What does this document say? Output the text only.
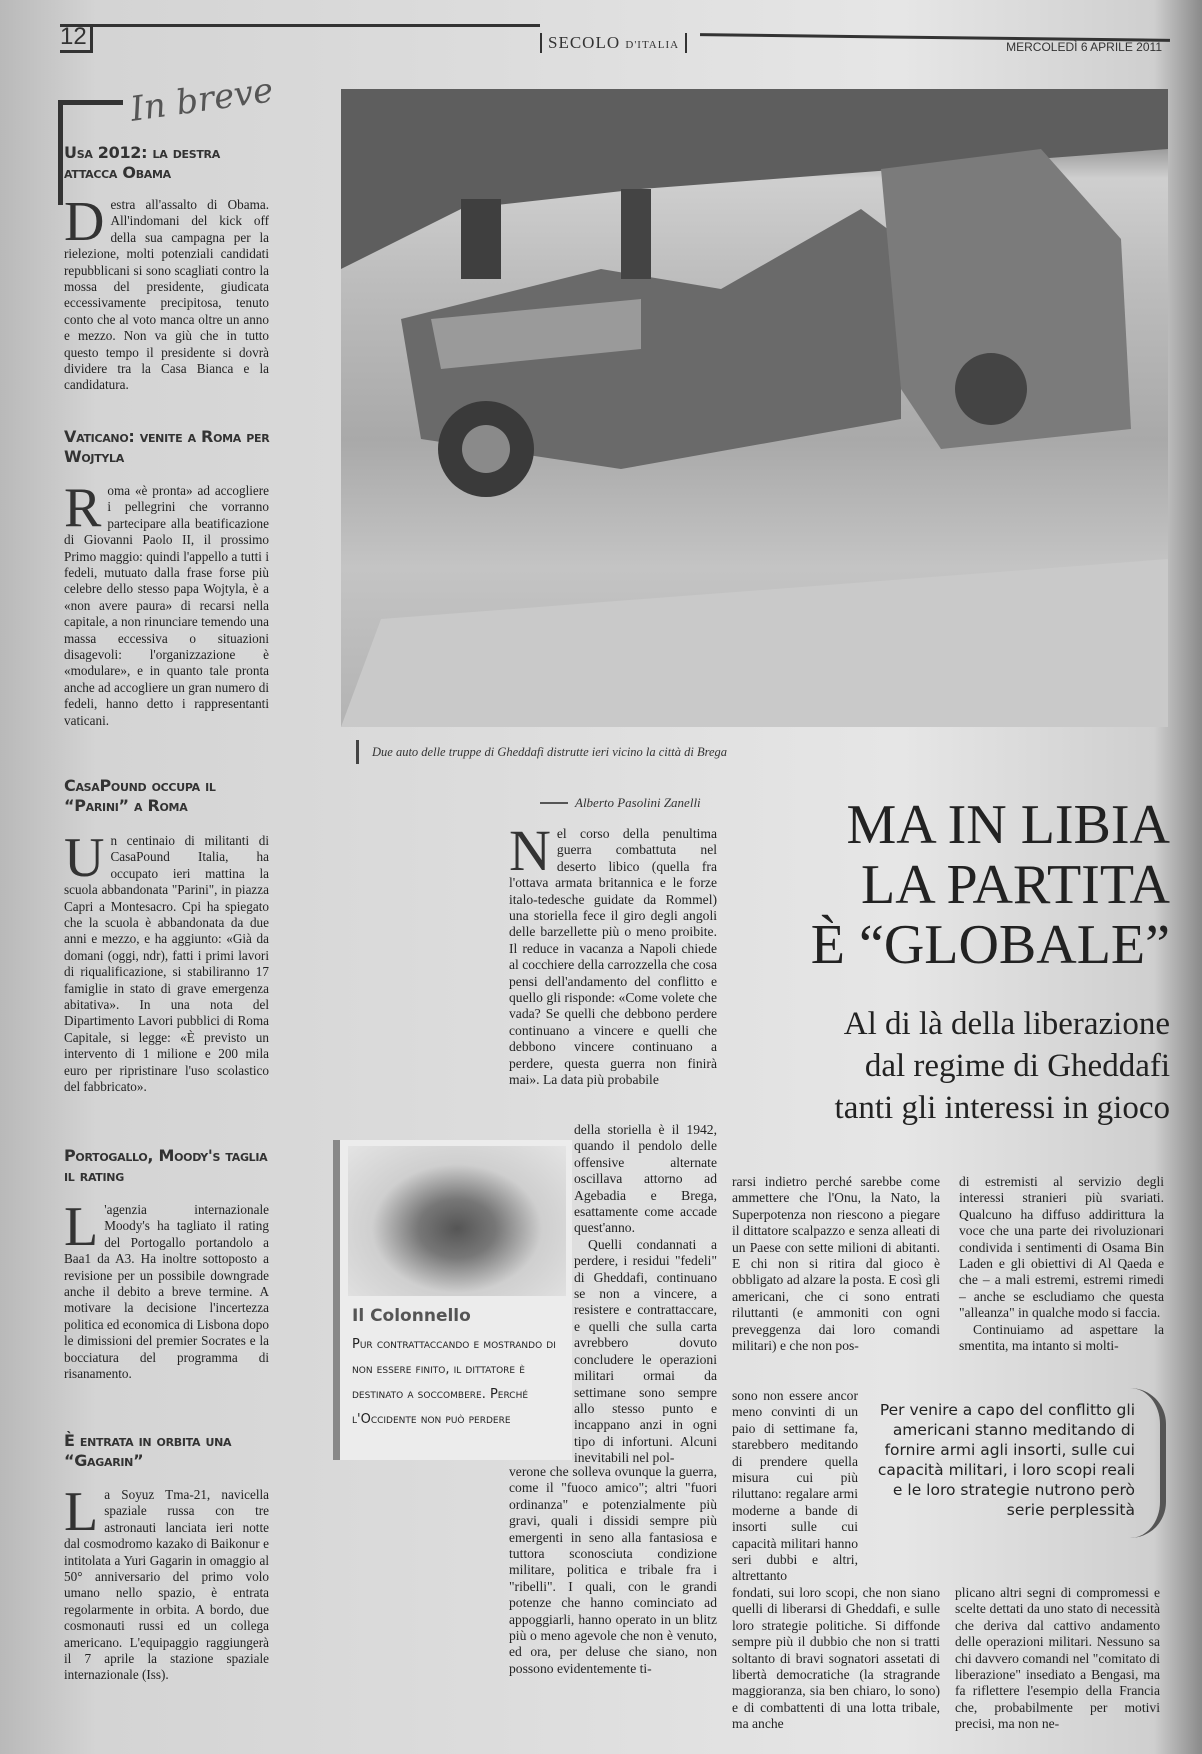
12	SECOLO D'ITALIA	MERCOLEDÌ 6 APRILE 2011
In breve
Usa 2012: la destra attacca Obama
Destra all'assalto di Obama. All'indomani del kick off della sua campagna per la rielezione, molti potenziali candidati repubblicani si sono scagliati contro la mossa del presidente, giudicata eccessivamente precipitosa, tenuto conto che al voto manca oltre un anno e mezzo. Non va giù che in tutto questo tempo il presidente si dovrà dividere tra la Casa Bianca e la candidatura.
Vaticano: venite a Roma per Wojtyla
Roma «è pronta» ad accogliere i pellegrini che vorranno partecipare alla beatificazione di Giovanni Paolo II, il prossimo Primo maggio: quindi l'appello a tutti i fedeli, mutuato dalla frase forse più celebre dello stesso papa Wojtyla, è a «non avere paura» di recarsi nella capitale, a non rinunciare temendo una massa eccessiva o situazioni disagevoli: l'organizzazione è «modulare», e in quanto tale pronta anche ad accogliere un gran numero di fedeli, hanno detto i rappresentanti vaticani.
CasaPound occupa il “Parini” a Roma
Un centinaio di militanti di CasaPound Italia, ha occupato ieri mattina la scuola abbandonata "Parini", in piazza Capri a Montesacro. Cpi ha spiegato che la scuola è abbandonata da due anni e mezzo, e ha aggiunto: «Già da domani (oggi, ndr), fatti i primi lavori di riqualificazione, si stabiliranno 17 famiglie in stato di grave emergenza abitativa». In una nota del Dipartimento Lavori pubblici di Roma Capitale, si legge: «È previsto un intervento di 1 milione e 200 mila euro per ripristinare l'uso scolastico del fabbricato».
Portogallo, Moody's taglia il rating
L 'agenzia internazionale Moody's ha tagliato il rating del Portogallo portandolo a Baa1 da A3. Ha inoltre sottoposto a revisione per un possibile downgrade anche il debito a breve termine. A motivare la decisione l'incertezza politica ed economica di Lisbona dopo le dimissioni del premier Socrates e la bocciatura del programma di risanamento.
È entrata in orbita una “Gagarin”
La Soyuz Tma-21, navicella spaziale russa con tre astronauti lanciata ieri notte dal cosmodromo kazako di Baikonur e intitolata a Yuri Gagarin in omaggio al 50° anniversario del primo volo umano nello spazio, è entrata regolarmente in orbita. A bordo, due cosmonauti russi ed un collega americano. L'equipaggio raggiungerà il 7 aprile la stazione spaziale internazionale (Iss).
Due auto delle truppe di Gheddafi distrutte ieri vicino la città di Brega
Alberto Pasolini Zanelli	MA IN LIBIA
LA PARTITA
È “GLOBALE”
Al di là della liberazione
dal regime di Gheddafi
tanti gli interessi in gioco
Nel corso della penultima guerra combattuta nel deserto libico (quella fra l'ottava armata britannica e le forze italo-tedesche guidate da Rommel) una storiella fece il giro degli angoli delle barzellette più o meno proibite. Il reduce in vacanza a Napoli chiede al cocchiere della carrozzella che cosa pensi dell'andamento del conflitto e quello gli risponde: «Come volete che vada? Se quelli che debbono perdere continuano a vincere e quelli che debbono vincere continuano a perdere, questa guerra non finirà mai». La data più probabile
della storiella è il 1942, quando il pendolo delle offensive alternate oscillava attorno ad Agebadia e Brega, esattamente come accade quest'anno.
Quelli condannati a perdere, i residui "fedeli" di Gheddafi, continuano se non a vincere, a resistere e contrattaccare, e quelli che sulla carta avrebbero dovuto concludere le operazioni militari ormai da settimane sono sempre allo stesso punto e incappano anzi in ogni tipo di infortuni. Alcuni inevitabili nel pol-
verone che solleva ovunque la guerra, come il "fuoco amico"; altri "fuori ordinanza" e potenzialmente più gravi, quali i dissidi sempre più emergenti in seno alla fantasiosa e tuttora sconosciuta condizione militare, politica e tribale fra i "ribelli". I quali, con le grandi potenze che hanno cominciato ad appoggiarli, hanno operato in un blitz più o meno agevole che non è venuto, ed ora, per deluse che siano, non possono evidentemente ti-
rarsi indietro perché sarebbe come ammettere che l'Onu, la Nato, la Superpotenza non riescono a piegare il dittatore scalpazzo e senza alleati di un Paese con sette milioni di abitanti. E chi non si ritira dal gioco è obbligato ad alzare la posta. E così gli americani, che ci sono entrati riluttanti (e ammoniti con ogni preveggenza dai loro comandi militari) e che non pos-
sono non essere ancor meno convinti di un paio di settimane fa, starebbero meditando di prendere quella misura cui più riluttano: regalare armi moderne a bande di insorti sulle cui capacità militari hanno seri dubbi e altri, altrettanto
fondati, sui loro scopi, che non siano quelli di liberarsi di Gheddafi, e sulle loro strategie politiche. Si diffonde sempre più il dubbio che non si tratti soltanto di bravi sognatori assetati di libertà democratiche (la stragrande maggioranza, sia ben chiaro, lo sono) e di combattenti di una lotta tribale, ma anche
di estremisti al servizio degli interessi stranieri più svariati. Qualcuno ha diffuso addirittura la voce che una parte dei rivoluzionari condivida i sentimenti di Osama Bin Laden e gli obiettivi di Al Qaeda e che – a mali estremi, estremi rimedi – anche se escludiamo che questa "alleanza" in qualche modo si faccia.
Continuiamo ad aspettare la smentita, ma intanto si molti-
plicano altri segni di compromessi e scelte dettati da uno stato di necessità che deriva dal cattivo andamento delle operazioni militari. Nessuno sa chi davvero comandi nel "comitato di liberazione" insediato a Bengasi, ma fa riflettere l'esempio della Francia che, probabilmente per motivi precisi, ma non ne-
Per venire a capo del conflitto gli americani stanno meditando di fornire armi agli insorti, sulle cui capacità militari, i loro scopi reali e le loro strategie nutrono però serie perplessità
Il Colonnello
Pur contrattaccando e mostrando di non essere finito, il dittatore è destinato a soccombere. Perché l'Occidente non può perdere
